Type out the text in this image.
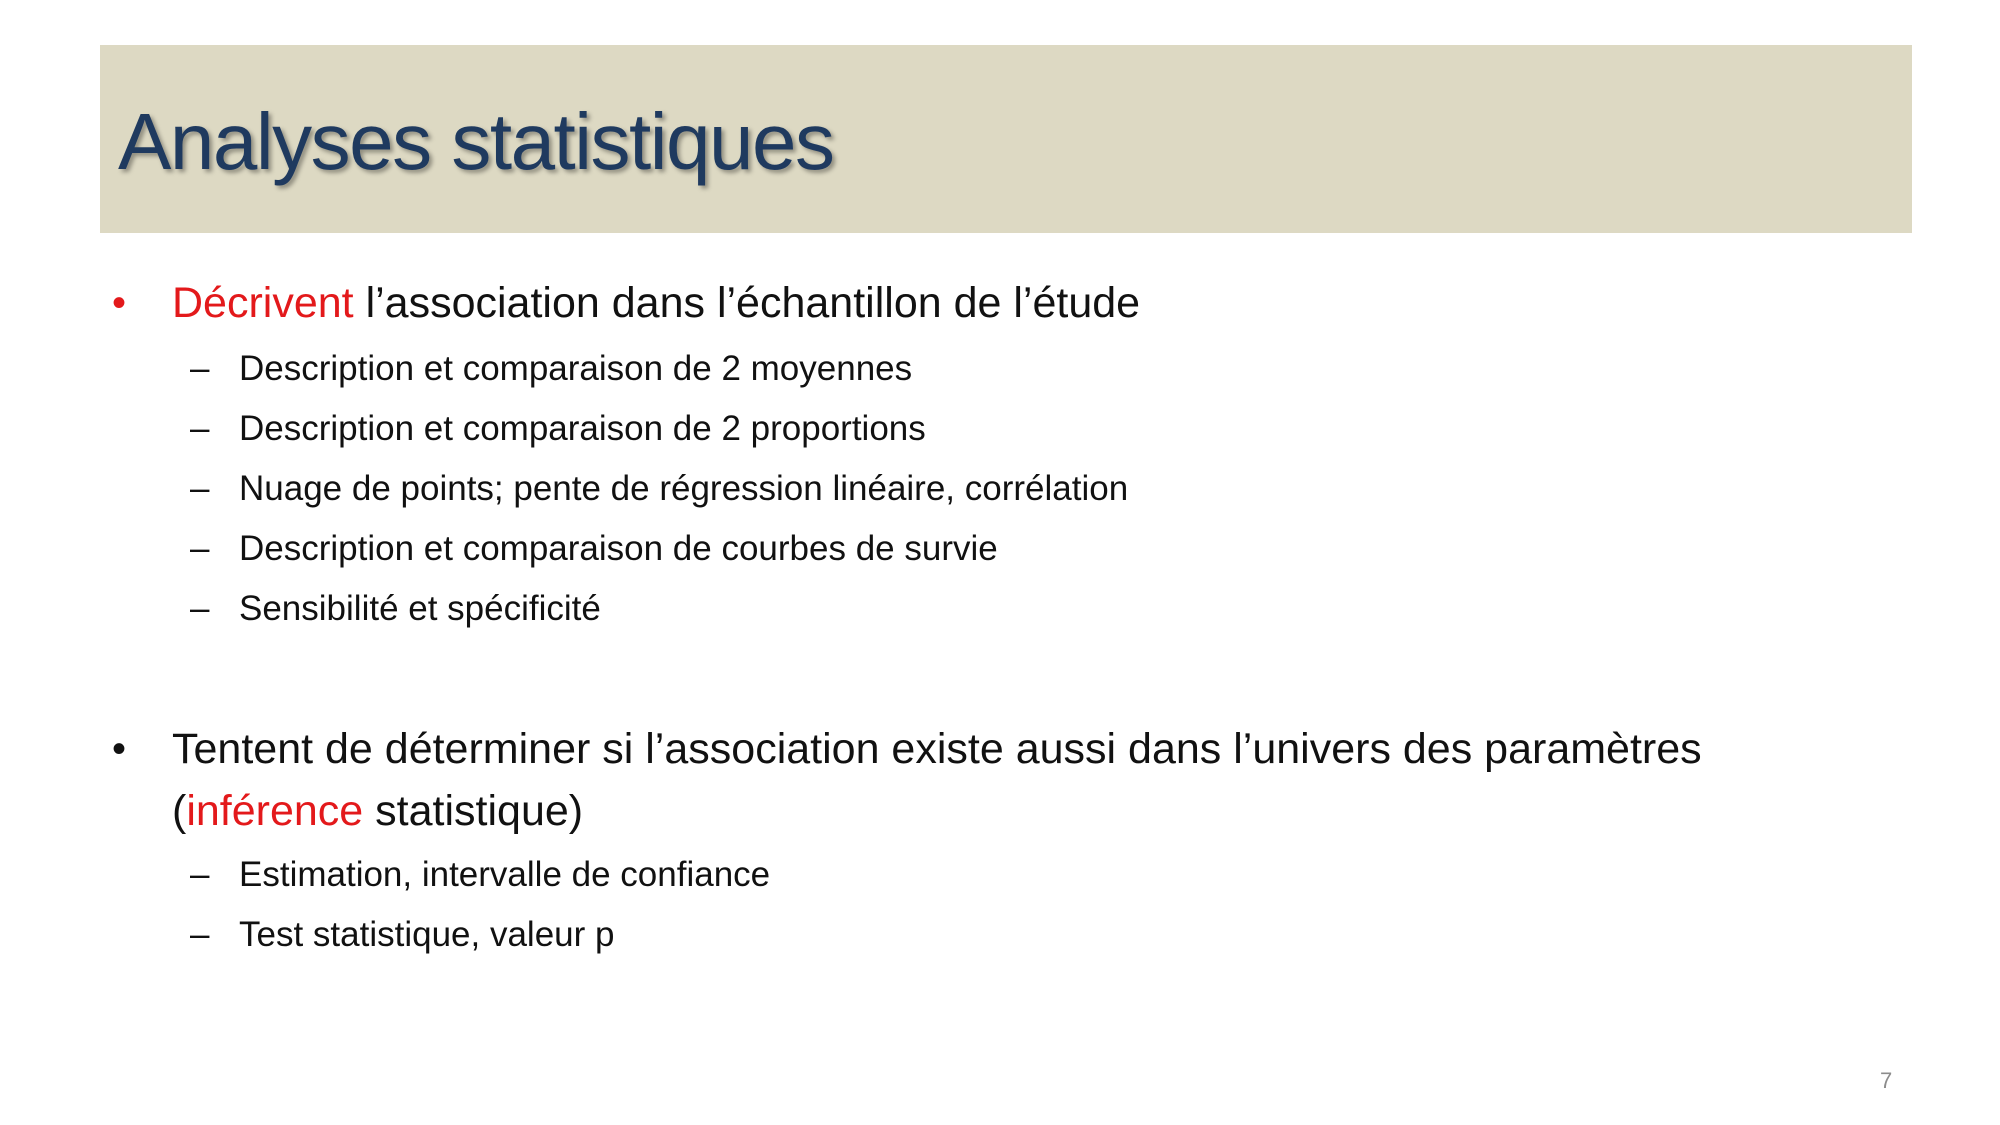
Analyses statistiques
• Décrivent l’association dans l’échantillon de l’étude
– Description et comparaison de 2 moyennes
– Description et comparaison de 2 proportions
– Nuage de points; pente de régression linéaire, corrélation
– Description et comparaison de courbes de survie
– Sensibilité et spécificité
• Tentent de déterminer si l’association existe aussi dans l’univers des paramètres
(inférence statistique)
– Estimation, intervalle de confiance
– Test statistique, valeur p
7
